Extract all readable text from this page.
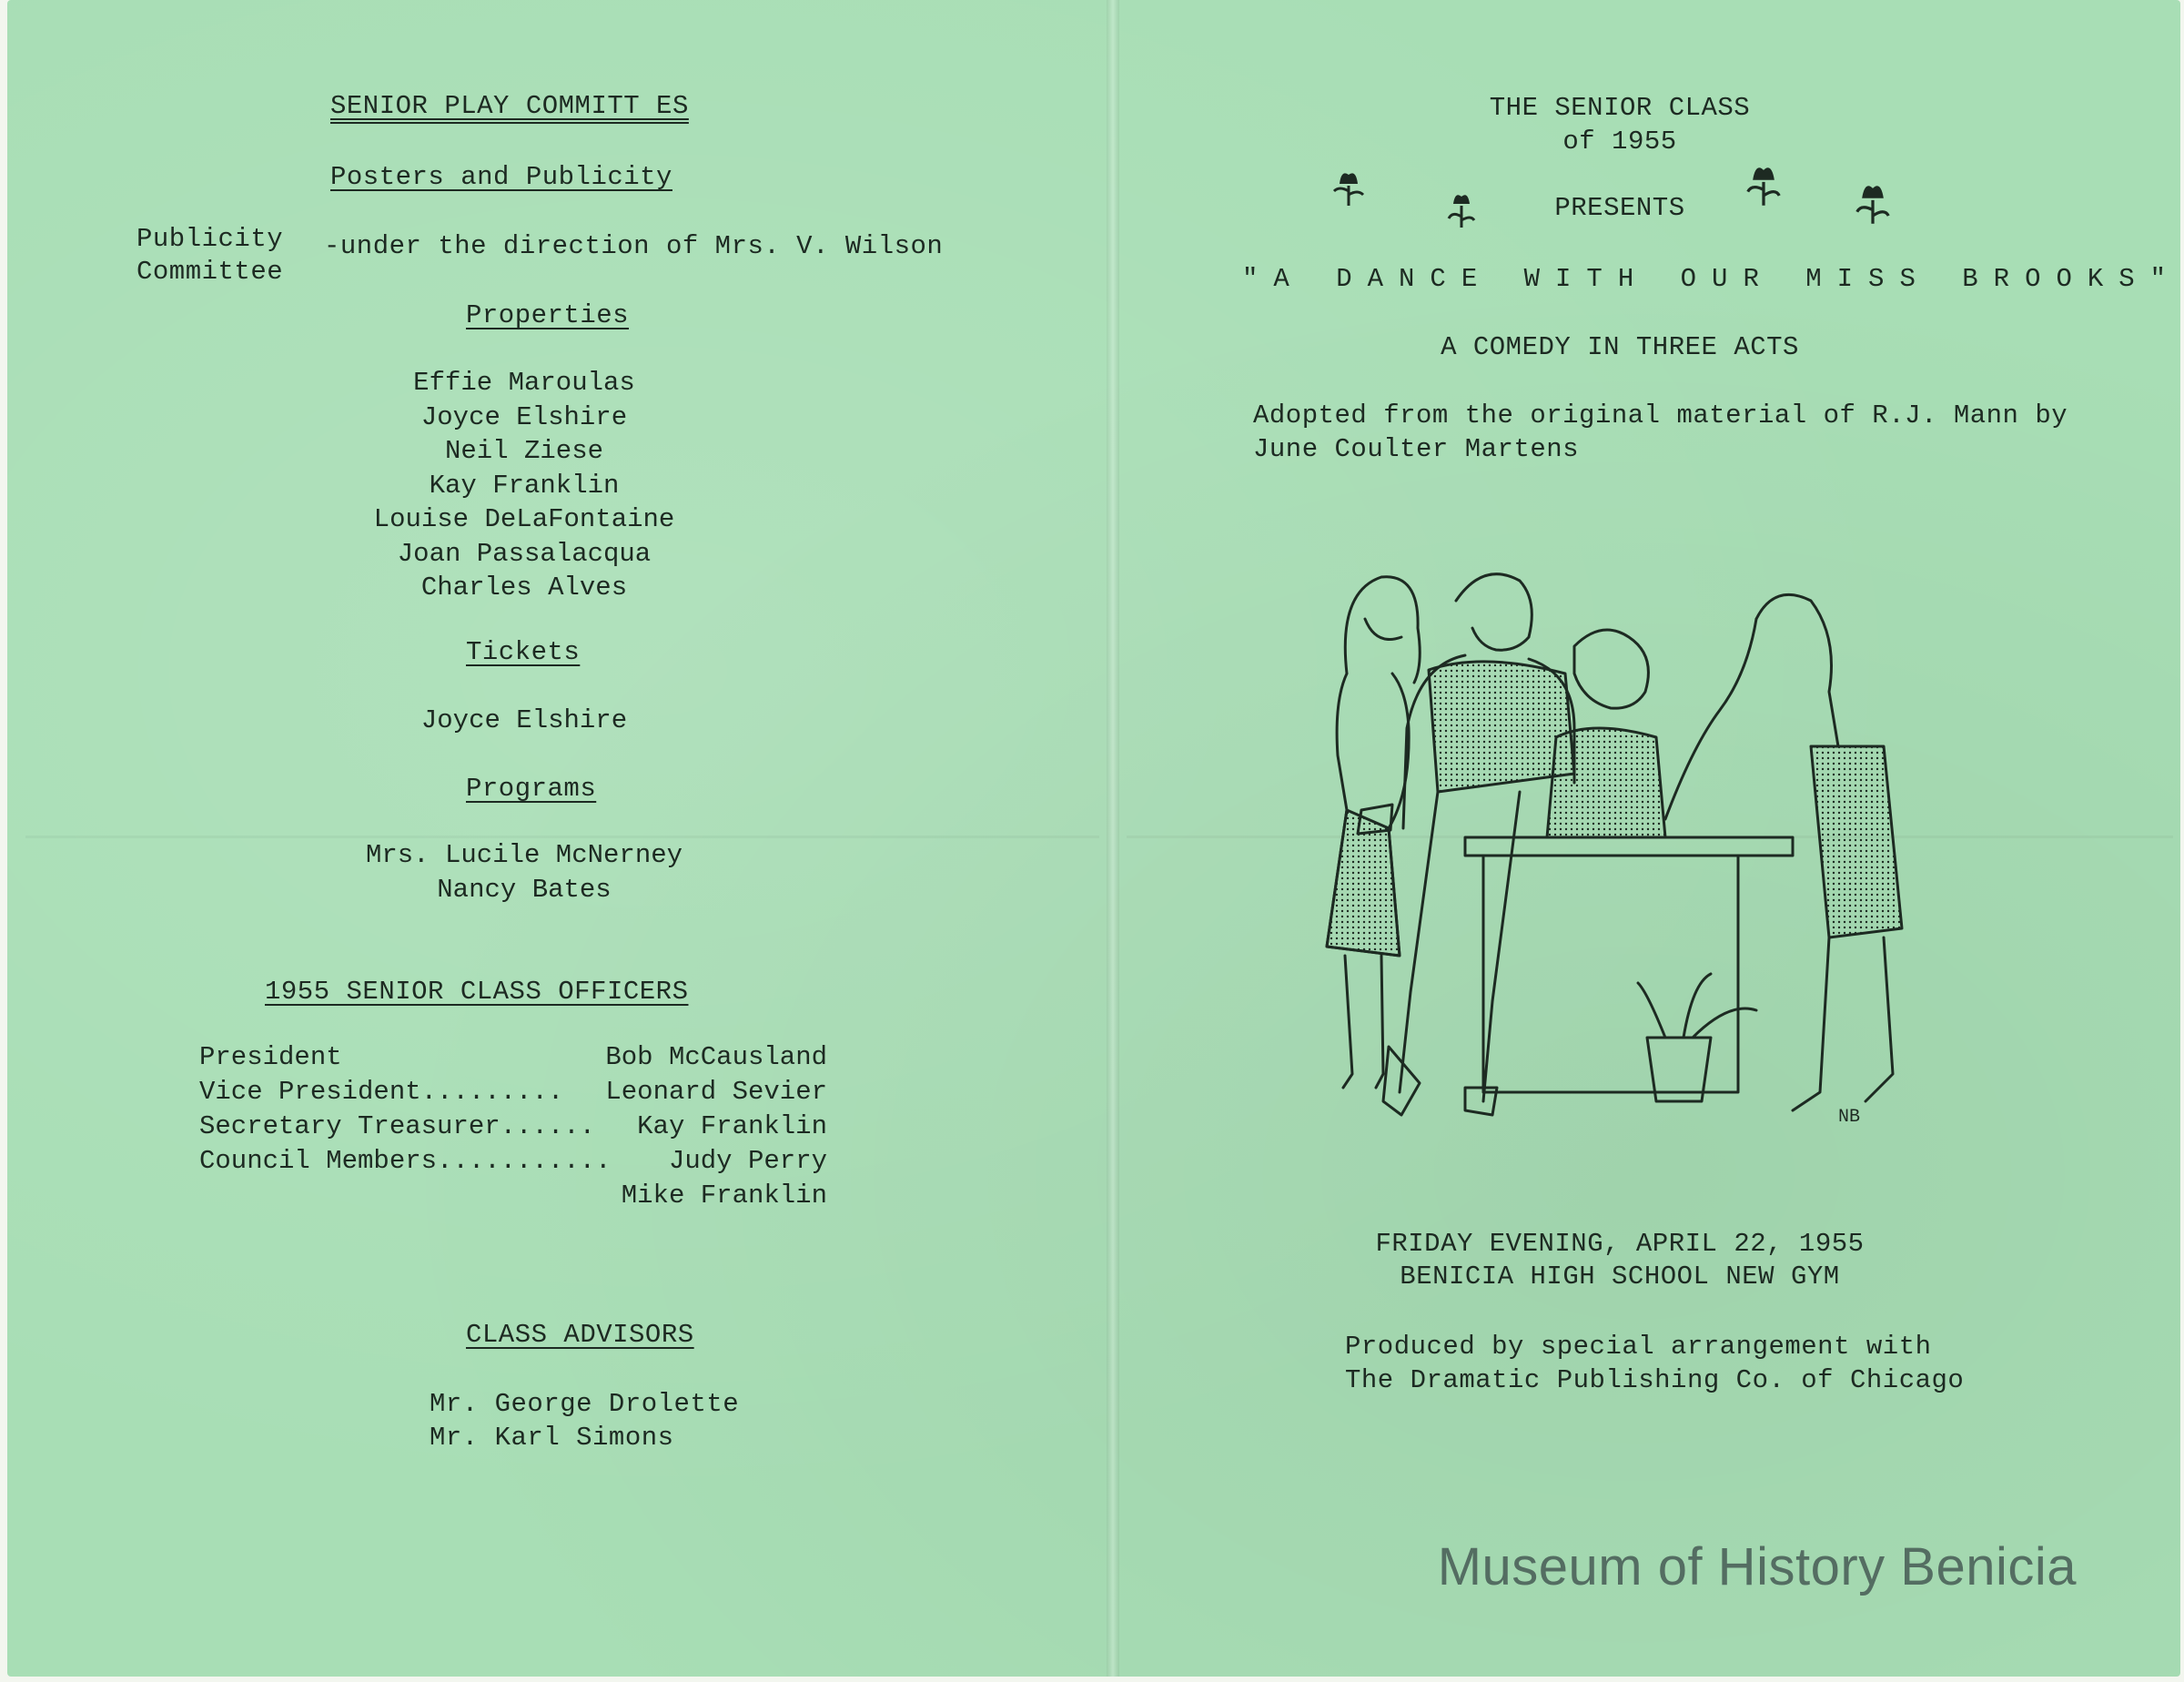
SENIOR PLAY COMMITT ES
Posters and Publicity
Publicity
Committee
-under the direction of Mrs. V. Wilson
Properties
Effie Maroulas
Joyce Elshire
Neil Ziese
Kay Franklin
Louise DeLaFontaine
Joan Passalacqua
Charles Alves
Tickets
Joyce Elshire
Programs
Mrs. Lucile McNerney
Nancy Bates
1955 SENIOR CLASS OFFICERS
President	Bob McCausland
Vice President......... Leonard Sevier
Secretary Treasurer...... Kay Franklin
Council Members........... Judy Perry
Mike Franklin
CLASS ADVISORS
Mr. George Drolette
Mr. Karl Simons
THE SENIOR CLASS
of 1955
PRESENTS
"A DANCE WITH OUR MISS BROOKS"
A COMEDY IN THREE ACTS
Adopted from the original material of R.J. Mann by
June Coulter Martens
NB
FRIDAY EVENING, APRIL 22, 1955
BENICIA HIGH SCHOOL NEW GYM
Produced by special arrangement with
The Dramatic Publishing Co. of Chicago
Museum of History Benicia
